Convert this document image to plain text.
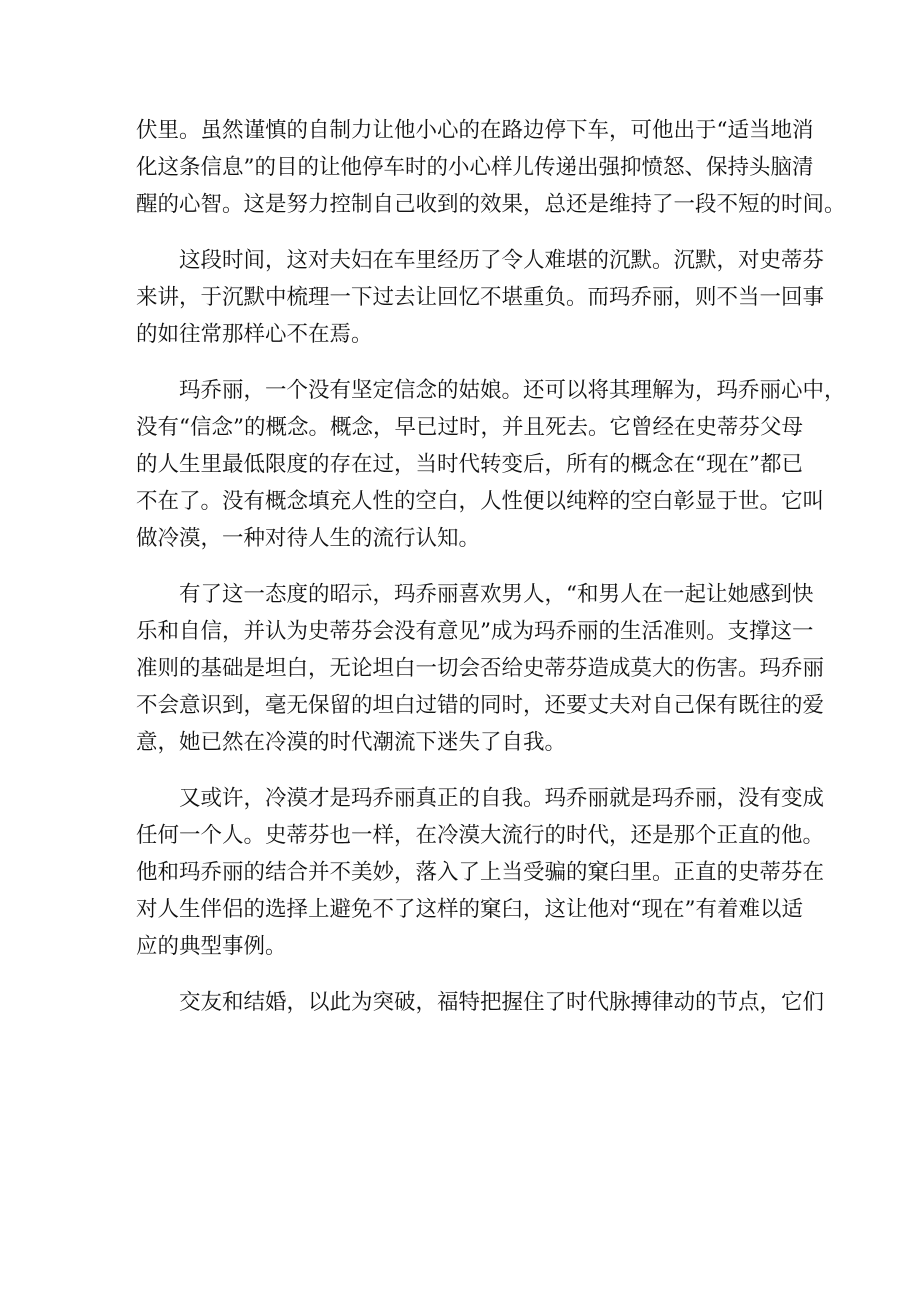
伏里。虽然谨慎的自制力让他小心的在路边停下车，可他出于“适当地消
化这条信息”的目的让他停车时的小心样儿传递出强抑愤怒、保持头脑清
醒的心智。这是努力控制自己收到的效果，总还是维持了一段不短的时间。
这段时间，这对夫妇在车里经历了令人难堪的沉默。沉默，对史蒂芬
来讲，于沉默中梳理一下过去让回忆不堪重负。而玛乔丽，则不当一回事
的如往常那样心不在焉。
玛乔丽，一个没有坚定信念的姑娘。还可以将其理解为，玛乔丽心中，
没有“信念”的概念。概念，早已过时，并且死去。它曾经在史蒂芬父母
的人生里最低限度的存在过，当时代转变后，所有的概念在“现在”都已
不在了。没有概念填充人性的空白，人性便以纯粹的空白彰显于世。它叫
做冷漠，一种对待人生的流行认知。
有了这一态度的昭示，玛乔丽喜欢男人，“和男人在一起让她感到快
乐和自信，并认为史蒂芬会没有意见”成为玛乔丽的生活准则。支撑这一
准则的基础是坦白，无论坦白一切会否给史蒂芬造成莫大的伤害。玛乔丽
不会意识到，毫无保留的坦白过错的同时，还要丈夫对自己保有既往的爱
意，她已然在冷漠的时代潮流下迷失了自我。
又或许，冷漠才是玛乔丽真正的自我。玛乔丽就是玛乔丽，没有变成
任何一个人。史蒂芬也一样，在冷漠大流行的时代，还是那个正直的他。
他和玛乔丽的结合并不美妙，落入了上当受骗的窠臼里。正直的史蒂芬在
对人生伴侣的选择上避免不了这样的窠臼，这让他对“现在”有着难以适
应的典型事例。
交友和结婚，以此为突破，福特把握住了时代脉搏律动的节点，它们
